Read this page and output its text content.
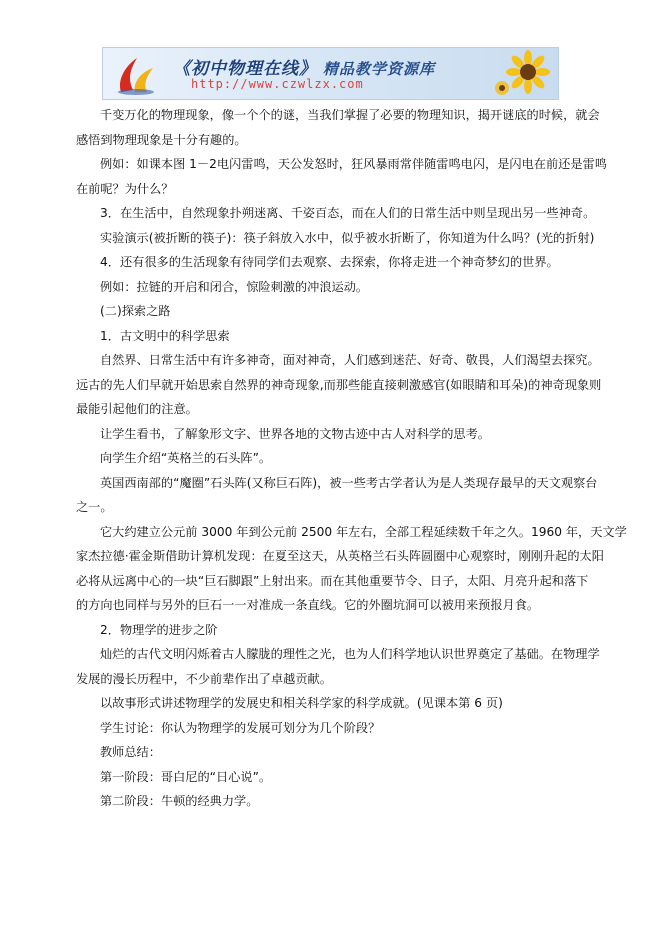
《初中物理在线》 精品教学资源库
http://www.czwlzx.com

千变万化的物理现象，像一个个的谜，当我们掌握了必要的物理知识，揭开谜底的时候，就会

感悟到物理现象是十分有趣的。

例如：如课本图 1－2电闪雷鸣，天公发怒时，狂风暴雨常伴随雷鸣电闪，是闪电在前还是雷鸣

在前呢？为什么？

3．在生活中，自然现象扑朔迷离、千姿百态，而在人们的日常生活中则呈现出另一些神奇。

实验演示(被折断的筷子)：筷子斜放入水中，似乎被水折断了，你知道为什么吗？(光的折射)

4．还有很多的生活现象有待同学们去观察、去探索，你将走进一个神奇梦幻的世界。

例如：拉链的开启和闭合，惊险刺激的冲浪运动。

(二)探索之路

1．古文明中的科学思索

自然界、日常生活中有许多神奇，面对神奇，人们感到迷茫、好奇、敬畏，人们渴望去探究。

远古的先人们早就开始思索自然界的神奇现象,而那些能直接刺激感官(如眼睛和耳朵)的神奇现象则

最能引起他们的注意。

让学生看书，了解象形文字、世界各地的文物古迹中古人对科学的思考。

向学生介绍“英格兰的石头阵”。

英国西南部的“魔圈”石头阵(又称巨石阵)，被一些考古学者认为是人类现存最早的天文观察台

之一。

它大约建立公元前 3000 年到公元前 2500 年左右，全部工程延续数千年之久。1960 年，天文学

家杰拉德·霍金斯借助计算机发现：在夏至这天，从英格兰石头阵圆圈中心观察时，刚刚升起的太阳

必将从远离中心的一块“巨石脚跟”上射出来。而在其他重要节令、日子，太阳、月亮升起和落下

的方向也同样与另外的巨石一一对准成一条直线。它的外圈坑洞可以被用来预报月食。

2．物理学的进步之阶

灿烂的古代文明闪烁着古人朦胧的理性之光，也为人们科学地认识世界奠定了基础。在物理学

发展的漫长历程中，不少前辈作出了卓越贡献。

以故事形式讲述物理学的发展史和相关科学家的科学成就。(见课本第 6 页)

学生讨论：你认为物理学的发展可划分为几个阶段？

教师总结：

第一阶段：哥白尼的“日心说”。

第二阶段：牛顿的经典力学。
